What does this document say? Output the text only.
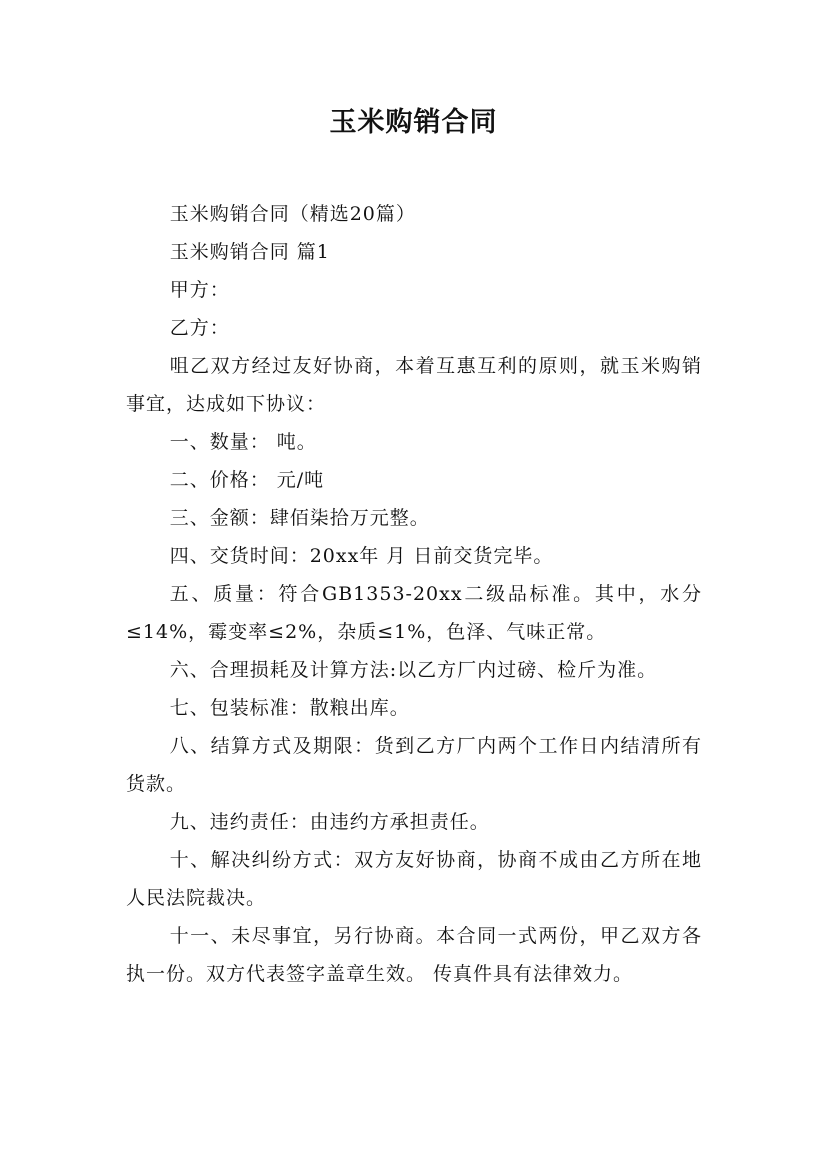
玉米购销合同

玉米购销合同（精选20篇）

玉米购销合同 篇1

甲方：

乙方：

咀乙双方经过友好协商，本着互惠互利的原则，就玉米购销事宜，达成如下协议：

一、数量： 吨。

二、价格： 元/吨

三、金额：肆佰柒拾万元整。

四、交货时间：20xx年 月 日前交货完毕。

五、质量：符合GB1353-20xx二级品标准。其中，水分≤14%，霉变率≤2%，杂质≤1%，色泽、气味正常。

六、合理损耗及计算方法:以乙方厂内过磅、检斤为准。

七、包装标准：散粮出库。

八、结算方式及期限：货到乙方厂内两个工作日内结清所有货款。

九、违约责任：由违约方承担责任。

十、解决纠纷方式：双方友好协商，协商不成由乙方所在地人民法院裁决。

十一、未尽事宜，另行协商。本合同一式两份，甲乙双方各执一份。双方代表签字盖章生效。 传真件具有法律效力。
